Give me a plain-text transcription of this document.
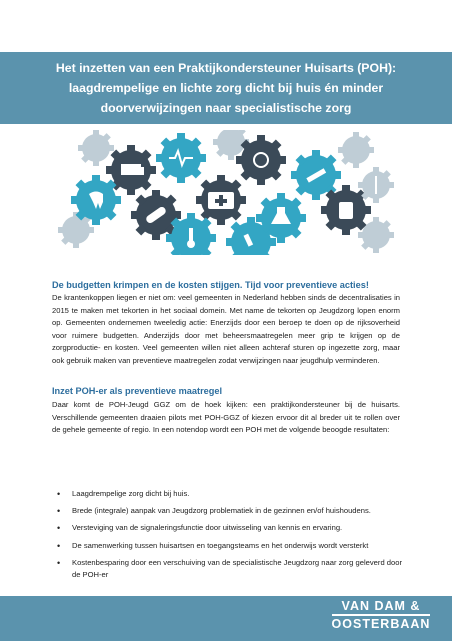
Het inzetten van een Praktijkondersteuner Huisarts (POH): laagdrempelige en lichte zorg dicht bij huis én minder doorverwijzingen naar specialistische zorg
De budgetten krimpen en de kosten stijgen. Tijd voor preventieve acties!
De krantenkoppen liegen er niet om: veel gemeenten in Nederland hebben sinds de decentralisaties in 2015 te maken met tekorten in het sociaal domein. Met name de tekorten op Jeugdzorg lopen enorm op. Gemeenten ondernemen tweeledig actie: Enerzijds door een beroep te doen op de rijksoverheid voor ruimere budgetten. Anderzijds door met beheersmaatregelen meer grip te krijgen op de zorgproductie- en kosten. Veel gemeenten willen niet alleen achteraf sturen op ingezette zorg, maar ook gebruik maken van preventieve maatregelen zodat verwijzingen naar jeugdhulp verminderen.
Inzet POH-er als preventieve maatregel
Daar komt de POH-Jeugd GGZ om de hoek kijken: een praktijkondersteuner bij de huisarts. Verschillende gemeenten draaien pilots met POH-GGZ of kiezen ervoor dit al breder uit te rollen over de gehele gemeente of regio. In een notendop wordt een POH met de volgende beoogde resultaten:
• Laagdrempelige zorg dicht bij huis.
• Brede (integrale) aanpak van Jeugdzorg problematiek in de gezinnen en/of huishoudens.
• Versteviging van de signaleringsfunctie door uitwisseling van kennis en ervaring.
• De samenwerking tussen huisartsen en toegangsteams en het onderwijs wordt versterkt
• Kostenbesparing door een verschuiving van de specialistische Jeugdzorg naar zorg geleverd door de POH-er
VAN DAM &
OOSTERBAAN
